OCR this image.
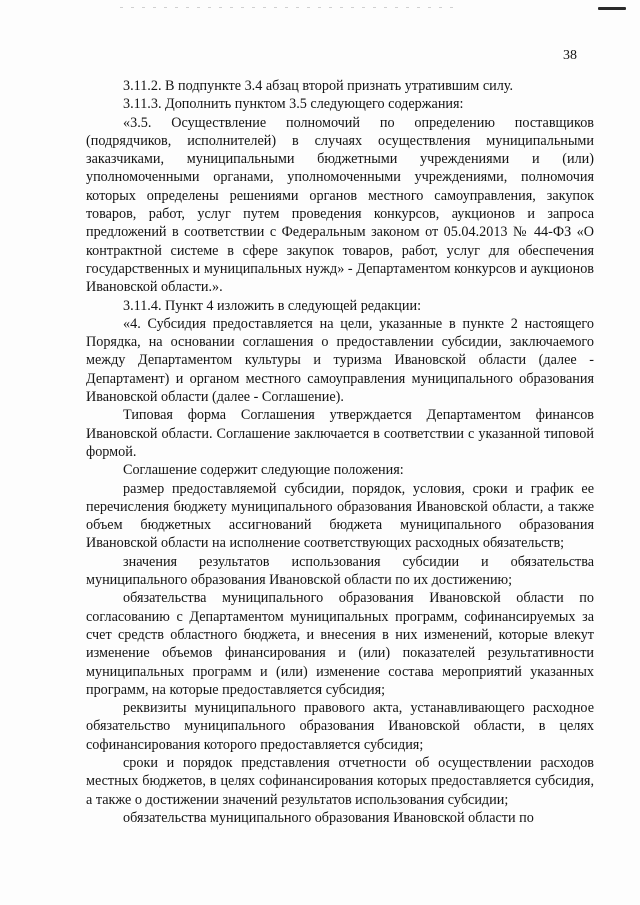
38

3.11.2. В подпункте 3.4 абзац второй признать утратившим силу.

3.11.3. Дополнить пунктом 3.5 следующего содержания:

«3.5. Осуществление полномочий по определению поставщиков (подрядчиков, исполнителей) в случаях осуществления муниципальными заказчиками, муниципальными бюджетными учреждениями и (или) уполномоченными органами, уполномоченными учреждениями, полномочия которых определены решениями органов местного самоуправления, закупок товаров, работ, услуг путем проведения конкурсов, аукционов и запроса предложений в соответствии с Федеральным законом от 05.04.2013 № 44-ФЗ «О контрактной системе в сфере закупок товаров, работ, услуг для обеспечения государственных и муниципальных нужд» - Департаментом конкурсов и аукционов Ивановской области.».

3.11.4. Пункт 4 изложить в следующей редакции:

«4. Субсидия предоставляется на цели, указанные в пункте 2 настоящего Порядка, на основании соглашения о предоставлении субсидии, заключаемого между Департаментом культуры и туризма Ивановской области (далее - Департамент) и органом местного самоуправления муниципального образования Ивановской области (далее - Соглашение).

Типовая форма Соглашения утверждается Департаментом финансов Ивановской области. Соглашение заключается в соответствии с указанной типовой формой.

Соглашение содержит следующие положения:

размер предоставляемой субсидии, порядок, условия, сроки и график ее перечисления бюджету муниципального образования Ивановской области, а также объем бюджетных ассигнований бюджета муниципального образования Ивановской области на исполнение соответствующих расходных обязательств;

значения результатов использования субсидии и обязательства муниципального образования Ивановской области по их достижению;

обязательства муниципального образования Ивановской области по согласованию с Департаментом муниципальных программ, софинансируемых за счет средств областного бюджета, и внесения в них изменений, которые влекут изменение объемов финансирования и (или) показателей результативности муниципальных программ и (или) изменение состава мероприятий указанных программ, на которые предоставляется субсидия;

реквизиты муниципального правового акта, устанавливающего расходное обязательство муниципального образования Ивановской области, в целях софинансирования которого предоставляется субсидия;

сроки и порядок представления отчетности об осуществлении расходов местных бюджетов, в целях софинансирования которых предоставляется субсидия, а также о достижении значений результатов использования субсидии;

обязательства муниципального образования Ивановской области по
